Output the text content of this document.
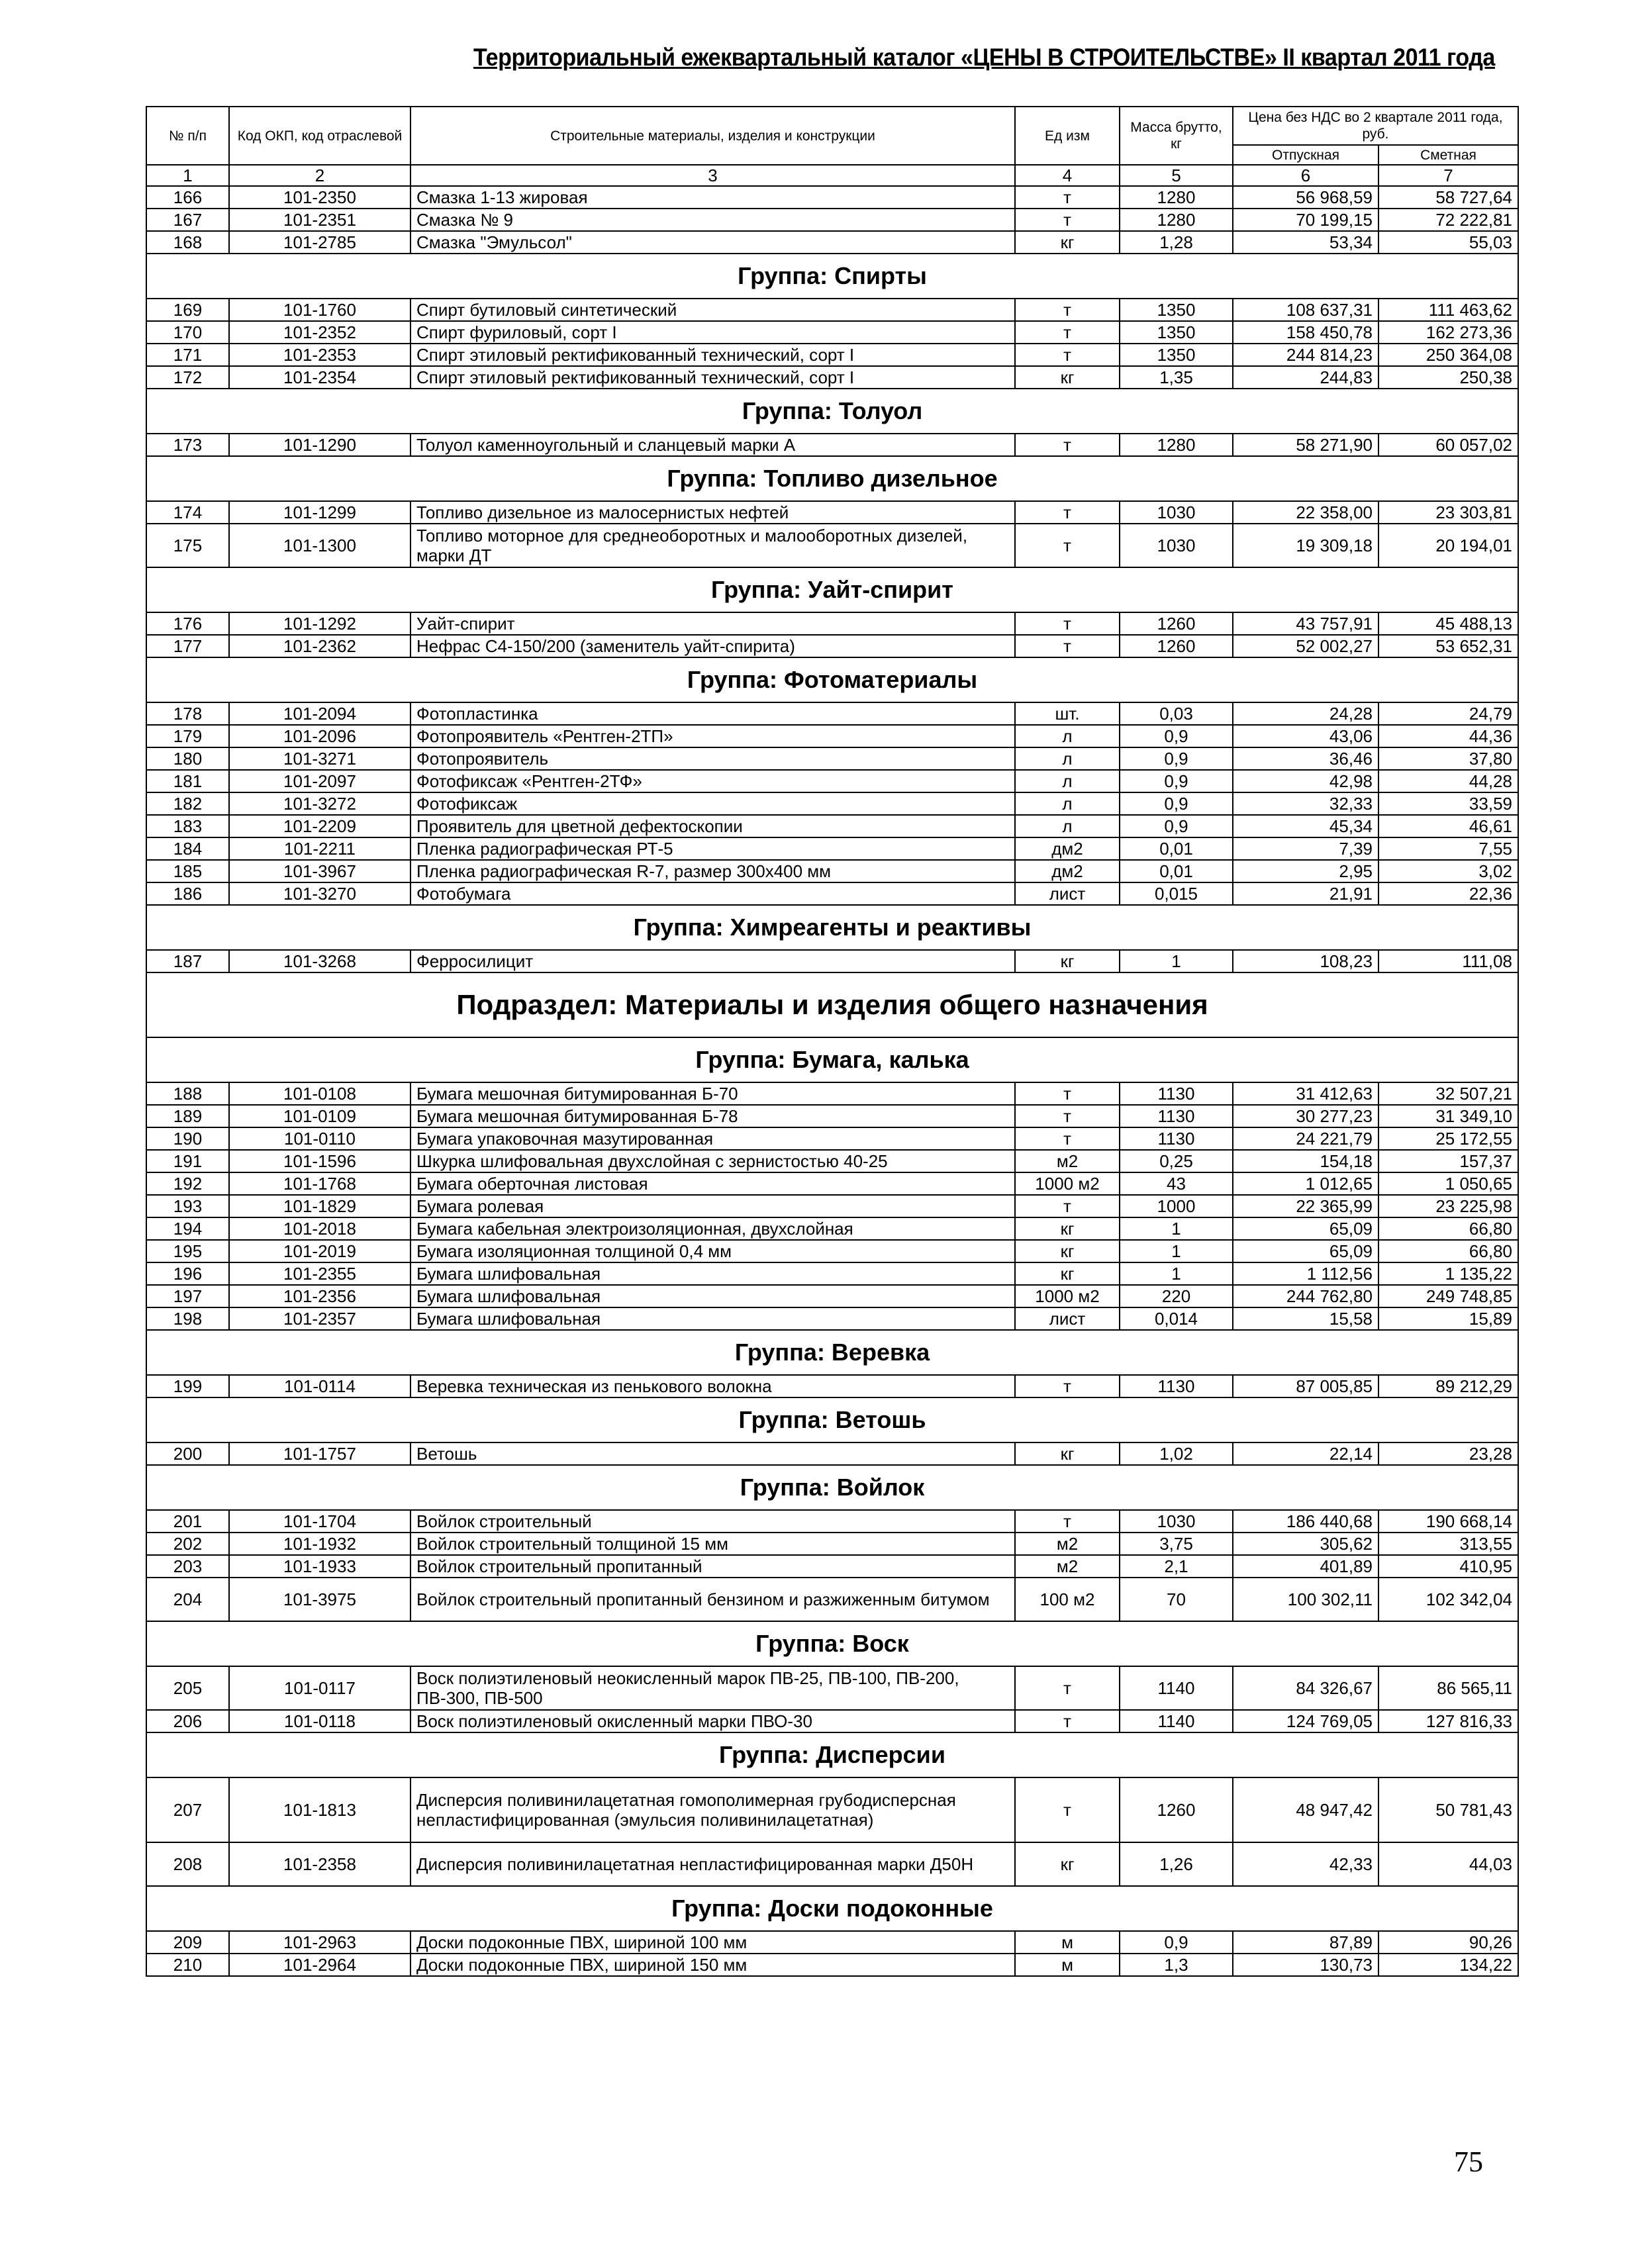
Территориальный ежеквартальный каталог «ЦЕНЫ В СТРОИТЕЛЬСТВЕ» II квартал 2011 года
№ п/п	Код ОКП, код отраслевой	Строительные материалы, изделия и конструкции	Ед изм	Масса брутто, кг	Цена без НДС во 2 квартале 2011 года, руб.	
					Отпускная	Сметная
1	2	3	4	5	6	7
166	101-2350	Смазка 1-13 жировая	т	1280	56 968,59	58 727,64
167	101-2351	Смазка № 9	т	1280	70 199,15	72 222,81
168	101-2785	Смазка "Эмульсол"	кг	1,28	53,34	55,03
Группа: Спирты						
169	101-1760	Спирт бутиловый синтетический	т	1350	108 637,31	111 463,62
170	101-2352	Спирт фуриловый, сорт I	т	1350	158 450,78	162 273,36
171	101-2353	Спирт этиловый ректификованный технический, сорт I	т	1350	244 814,23	250 364,08
172	101-2354	Спирт этиловый ректификованный технический, сорт I	кг	1,35	244,83	250,38
Группа: Толуол						
173	101-1290	Толуол каменноугольный и сланцевый марки А	т	1280	58 271,90	60 057,02
Группа: Топливо дизельное						
174	101-1299	Топливо дизельное из малосернистых нефтей	т	1030	22 358,00	23 303,81
175	101-1300	Топливо моторное для среднеоборотных и малооборотных дизелей, марки ДТ	т	1030	19 309,18	20 194,01
Группа: Уайт-спирит						
176	101-1292	Уайт-спирит	т	1260	43 757,91	45 488,13
177	101-2362	Нефрас С4-150/200 (заменитель уайт-спирита)	т	1260	52 002,27	53 652,31
Группа: Фотоматериалы						
178	101-2094	Фотопластинка	шт.	0,03	24,28	24,79
179	101-2096	Фотопроявитель «Рентген-2ТП»	л	0,9	43,06	44,36
180	101-3271	Фотопроявитель	л	0,9	36,46	37,80
181	101-2097	Фотофиксаж «Рентген-2ТФ»	л	0,9	42,98	44,28
182	101-3272	Фотофиксаж	л	0,9	32,33	33,59
183	101-2209	Проявитель для цветной дефектоскопии	л	0,9	45,34	46,61
184	101-2211	Пленка радиографическая РТ-5	дм2	0,01	7,39	7,55
185	101-3967	Пленка радиографическая R-7, размер 300х400 мм	дм2	0,01	2,95	3,02
186	101-3270	Фотобумага	лист	0,015	21,91	22,36
Группа: Химреагенты и реактивы						
187	101-3268	Ферросилицит	кг	1	108,23	111,08
Подраздел: Материалы и изделия общего назначения						
Группа: Бумага, калька						
188	101-0108	Бумага мешочная битумированная Б-70	т	1130	31 412,63	32 507,21
189	101-0109	Бумага мешочная битумированная Б-78	т	1130	30 277,23	31 349,10
190	101-0110	Бумага упаковочная мазутированная	т	1130	24 221,79	25 172,55
191	101-1596	Шкурка шлифовальная двухслойная с зернистостью 40-25	м2	0,25	154,18	157,37
192	101-1768	Бумага оберточная листовая	1000 м2	43	1 012,65	1 050,65
193	101-1829	Бумага ролевая	т	1000	22 365,99	23 225,98
194	101-2018	Бумага кабельная электроизоляционная, двухслойная	кг	1	65,09	66,80
195	101-2019	Бумага изоляционная толщиной 0,4 мм	кг	1	65,09	66,80
196	101-2355	Бумага шлифовальная	кг	1	1 112,56	1 135,22
197	101-2356	Бумага шлифовальная	1000 м2	220	244 762,80	249 748,85
198	101-2357	Бумага шлифовальная	лист	0,014	15,58	15,89
Группа: Веревка						
199	101-0114	Веревка техническая из пенькового волокна	т	1130	87 005,85	89 212,29
Группа: Ветошь						
200	101-1757	Ветошь	кг	1,02	22,14	23,28
Группа: Войлок						
201	101-1704	Войлок строительный	т	1030	186 440,68	190 668,14
202	101-1932	Войлок строительный толщиной 15 мм	м2	3,75	305,62	313,55
203	101-1933	Войлок строительный пропитанный	м2	2,1	401,89	410,95
204	101-3975	Войлок строительный пропитанный бензином и разжиженным битумом	100 м2	70	100 302,11	102 342,04
Группа: Воск						
205	101-0117	Воск полиэтиленовый неокисленный марок ПВ-25, ПВ-100, ПВ-200, ПВ-300, ПВ-500	т	1140	84 326,67	86 565,11
206	101-0118	Воск полиэтиленовый окисленный марки ПВО-30	т	1140	124 769,05	127 816,33
Группа: Дисперсии						
207	101-1813	Дисперсия поливинилацетатная гомополимерная грубодисперсная непластифицированная (эмульсия поливинилацетатная)	т	1260	48 947,42	50 781,43
208	101-2358	Дисперсия поливинилацетатная непластифицированная марки Д50Н	кг	1,26	42,33	44,03
Группа: Доски подоконные						
209	101-2963	Доски подоконные ПВХ, шириной 100 мм	м	0,9	87,89	90,26
210	101-2964	Доски подоконные ПВХ, шириной 150 мм	м	1,3	130,73	134,22
75
